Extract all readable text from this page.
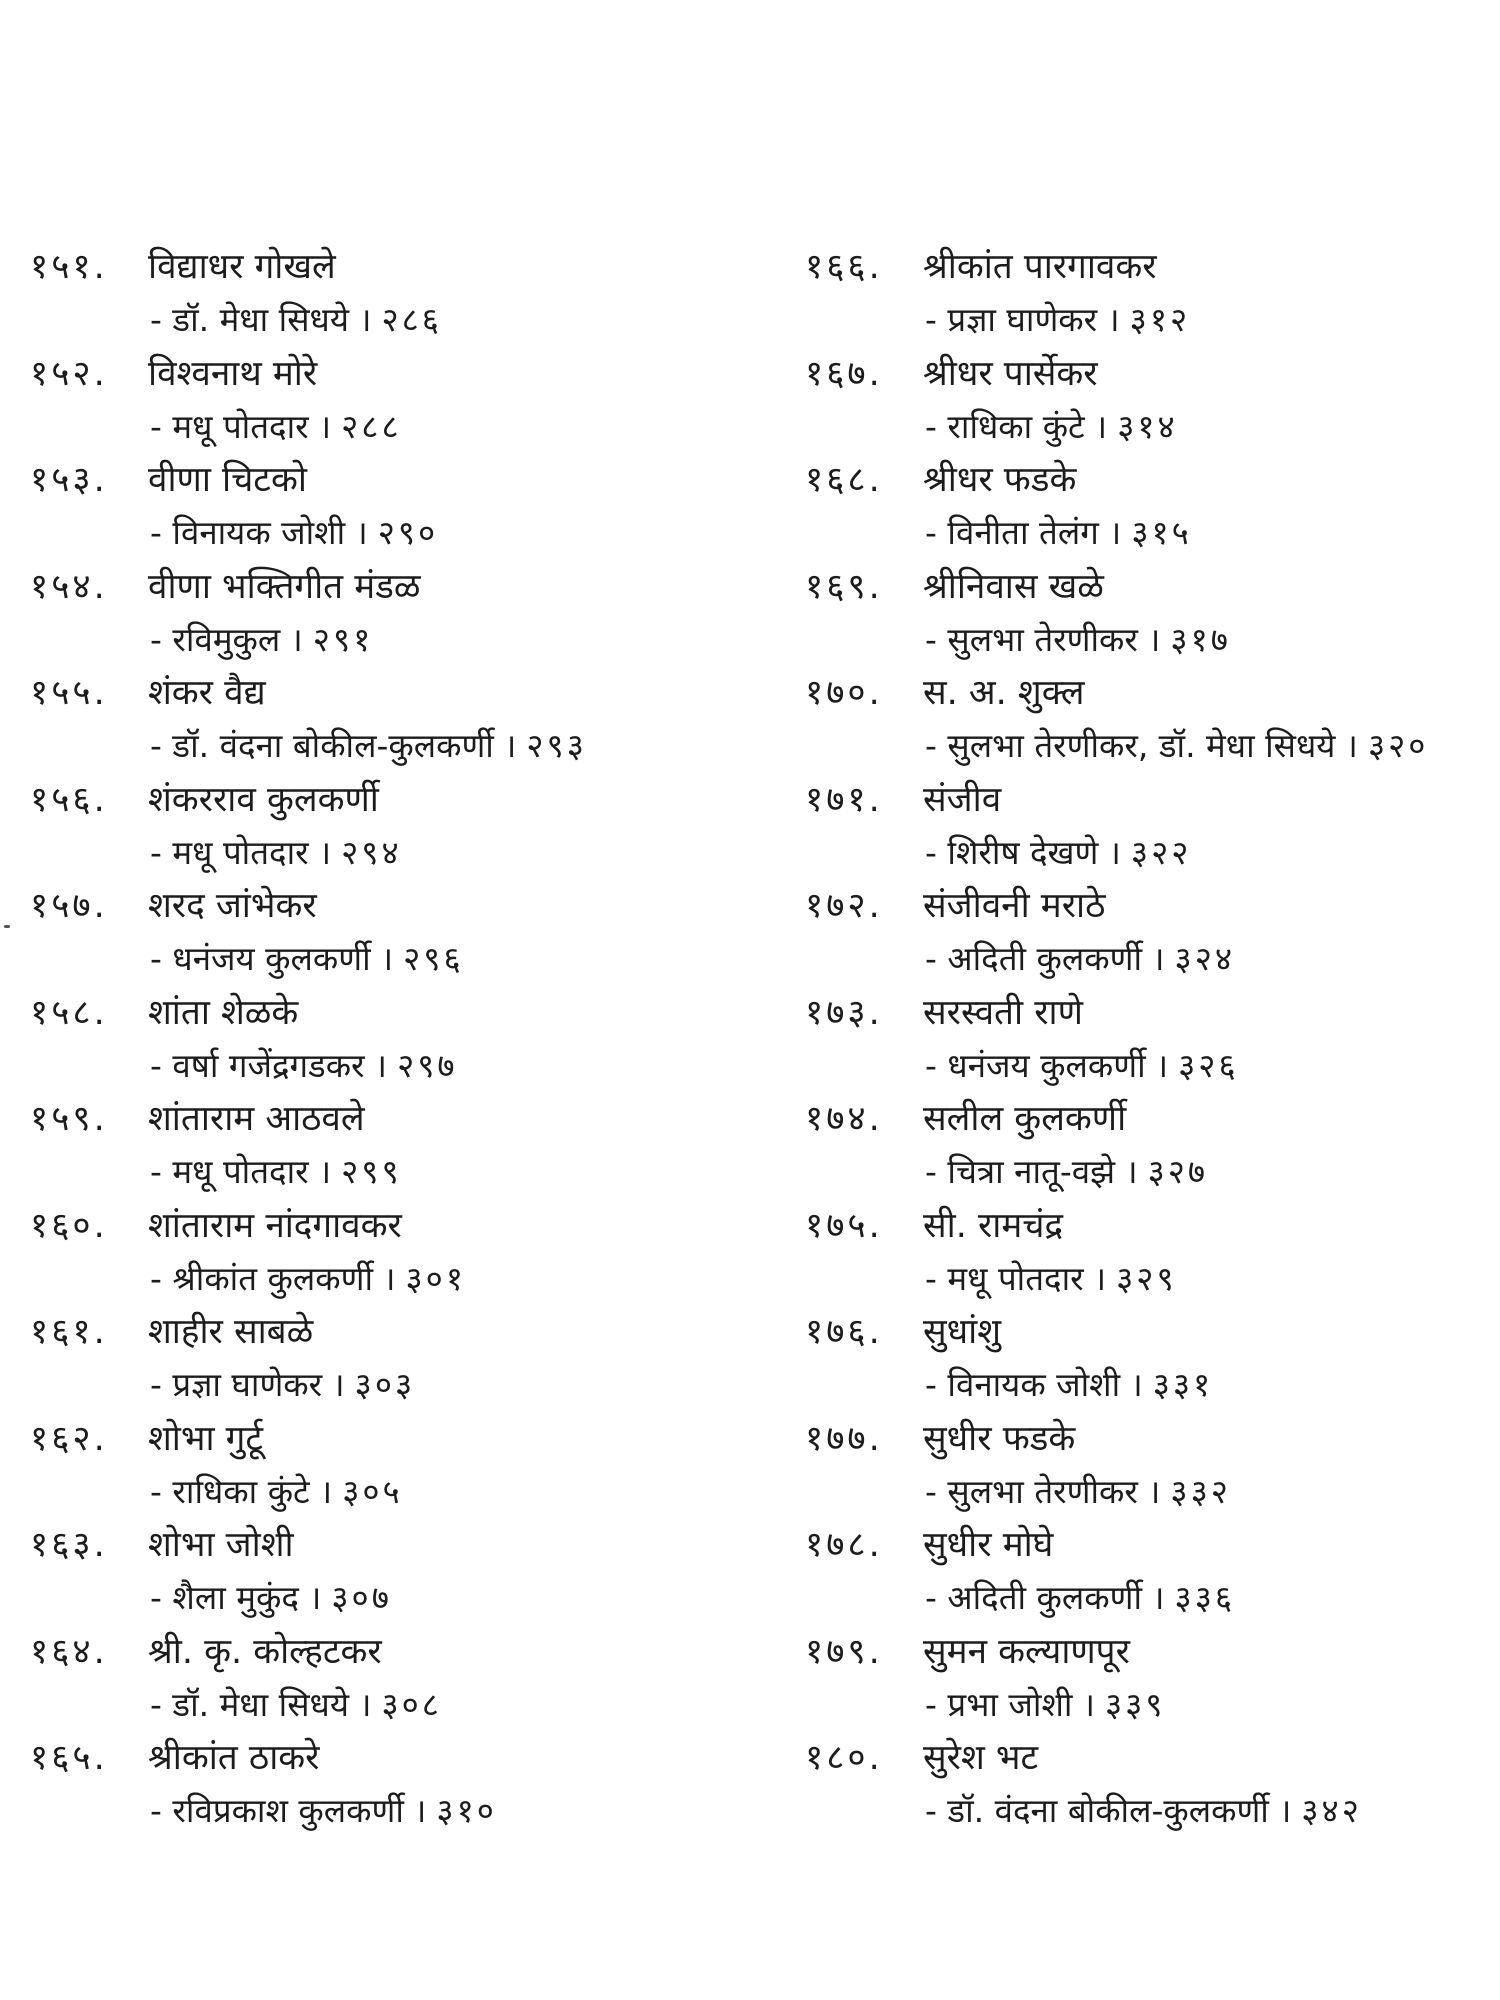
१५१.	विद्याधर गोखले
- डॉ. मेधा सिधये । २८६
१५२.	विश्वनाथ मोरे
- मधू पोतदार । २८८
१५३.	वीणा चिटको
- विनायक जोशी । २९०
१५४.	वीणा भक्तिगीत मंडळ
- रविमुकुल । २९१
१५५.	शंकर वैद्य
- डॉ. वंदना बोकील-कुलकर्णी । २९३
१५६.	शंकरराव कुलकर्णी
- मधू पोतदार । २९४
१५७.	शरद जांभेकर
- धनंजय कुलकर्णी । २९६
१५८.	शांता शेळके
- वर्षा गजेंद्रगडकर । २९७
१५९.	शांताराम आठवले
- मधू पोतदार । २९९
१६०.	शांताराम नांदगावकर
- श्रीकांत कुलकर्णी । ३०१
१६१.	शाहीर साबळे
- प्रज्ञा घाणेकर । ३०३
१६२.	शोभा गुर्टू
- राधिका कुंटे । ३०५
१६३.	शोभा जोशी
- शैला मुकुंद । ३०७
१६४.	श्री. कृ. कोल्हटकर
- डॉ. मेधा सिधये । ३०८
१६५.	श्रीकांत ठाकरे
- रविप्रकाश कुलकर्णी । ३१०
१६६.	श्रीकांत पारगावकर
- प्रज्ञा घाणेकर । ३१२
१६७.	श्रीधर पार्सेकर
- राधिका कुंटे । ३१४
१६८.	श्रीधर फडके
- विनीता तेलंग । ३१५
१६९.	श्रीनिवास खळे
- सुलभा तेरणीकर । ३१७
१७०.	स. अ. शुक्ल
- सुलभा तेरणीकर, डॉ. मेधा सिधये । ३२०
१७१.	संजीव
- शिरीष देखणे । ३२२
१७२.	संजीवनी मराठे
- अदिती कुलकर्णी । ३२४
१७३.	सरस्वती राणे
- धनंजय कुलकर्णी । ३२६
१७४.	सलील कुलकर्णी
- चित्रा नातू-वझे । ३२७
१७५.	सी. रामचंद्र
- मधू पोतदार । ३२९
१७६.	सुधांशु
- विनायक जोशी । ३३१
१७७.	सुधीर फडके
- सुलभा तेरणीकर । ३३२
१७८.	सुधीर मोघे
- अदिती कुलकर्णी । ३३६
१७९.	सुमन कल्याणपूर
- प्रभा जोशी । ३३९
१८०.	सुरेश भट
- डॉ. वंदना बोकील-कुलकर्णी । ३४२
